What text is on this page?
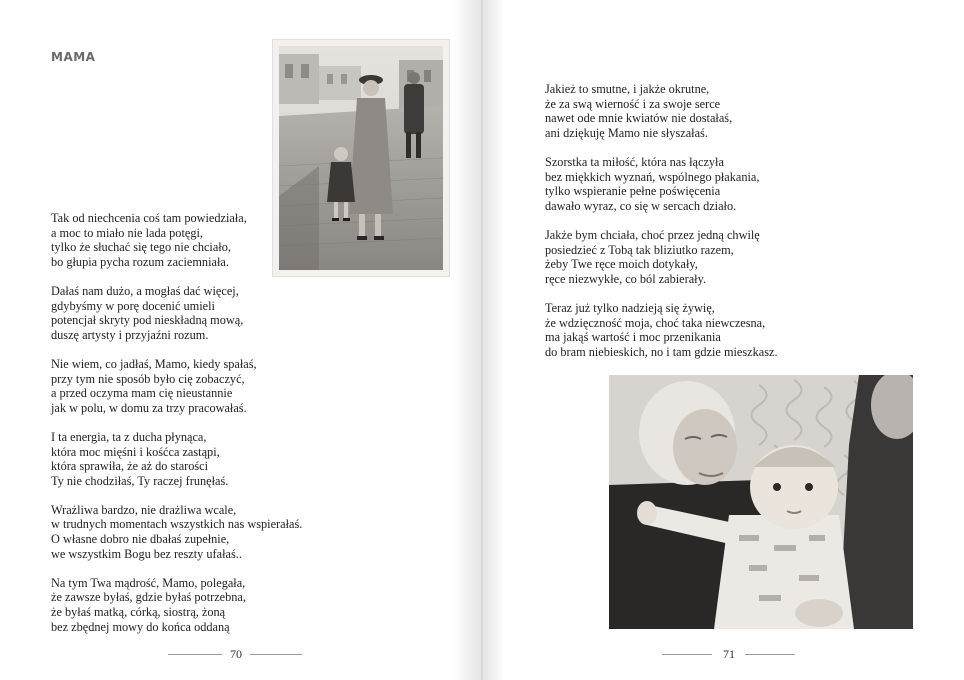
MAMA
Tak od niechcenia coś tam powiedziała,
a moc to miało nie lada potęgi,
tylko że słuchać się tego nie chciało,
bo głupia pycha rozum zaciemniała.
Dałaś nam dużo, a mogłaś dać więcej,
gdybyśmy w porę docenić umieli
potencjał skryty pod nieskładną mową,
duszę artysty i przyjaźni rozum.
Nie wiem, co jadłaś, Mamo, kiedy spałaś,
przy tym nie sposób było cię zobaczyć,
a przed oczyma mam cię nieustannie
jak w polu, w domu za trzy pracowałaś.
I ta energia, ta z ducha płynąca,
która moc mięśni i kośćca zastąpi,
która sprawiła, że aż do starości
Ty nie chodziłaś, Ty raczej frunęłaś.
Wrażliwa bardzo, nie drażliwa wcale,
w trudnych momentach wszystkich nas wspierałaś.
O własne dobro nie dbałaś zupełnie,
we wszystkim Bogu bez reszty ufałaś..
Na tym Twa mądrość, Mamo, polegała,
że zawsze byłaś, gdzie byłaś potrzebna,
że byłaś matką, córką, siostrą, żoną
bez zbędnej mowy do końca oddaną
70
Jakież to smutne, i jakże okrutne,
że za swą wierność i za swoje serce
nawet ode mnie kwiatów nie dostałaś,
ani dziękuję Mamo nie słyszałaś.
Szorstka ta miłość, która nas łączyła
bez miękkich wyznań, wspólnego płakania,
tylko wspieranie pełne poświęcenia
dawało wyraz, co się w sercach działo.
Jakże bym chciała, choć przez jedną chwilę
posiedzieć z Tobą tak bliziutko razem,
żeby Twe ręce moich dotykały,
ręce niezwykłe, co ból zabierały.
Teraz już tylko nadzieją się żywię,
że wdzięczność moja, choć taka niewczesna,
ma jakąś wartość i moc przenikania
do bram niebieskich, no i tam gdzie mieszkasz.
71
